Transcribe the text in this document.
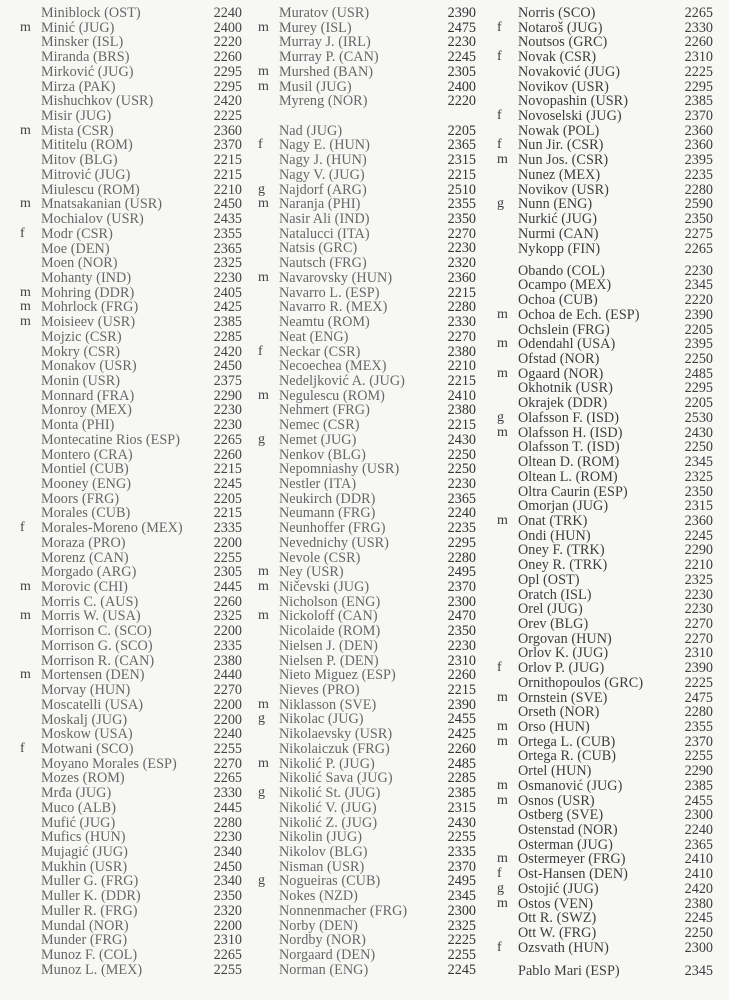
Miniblock (OST)	2240
m Minić (JUG)	2400
Minsker (ISL)	2220
Miranda (BRS)	2260
Mirković (JUG)	2295
Mirza (PAK)	2295
Mishuchkov (USR)	2420
Misir (JUG)	2225
m Mista (CSR)	2360
Mititelu (ROM)	2370
Mitov (BLG)	2215
Mitrović (JUG)	2215
Miulescu (ROM)	2210
m Mnatsakanian (USR)	2450
Mochialov (USR)	2435
f	Modr (CSR)	2355
Moe (DEN)	2365
Moen (NOR)	2325
Mohanty (IND)	2230
m Mohring (DDR)	2405
m Mohrlock (FRG)	2425
m Moisieev (USR)	2385
Mojzic (CSR)	2285
Mokry (CSR)	2420
Monakov (USR)	2450
Monin (USR)	2375
Monnard (FRA)	2290
Monroy (MEX)	2230
Monta (PHI)	2230
Montecatine Rios (ESP) 2265
Montero (CRA)	2260
Montiel (CUB)	2215
Mooney (ENG)	2245
Moors (FRG)	2205
Morales (CUB)	2215
f	Morales-Moreno (MEX) 2335
Moraza (PRO)	2200
Morenz (CAN)	2255
Morgado (ARG)	2305
m Morovic (CHI)	2445
Morris C. (AUS)	2260
m Morris W. (USA)	2325
Morrison C. (SCO)	2200
Morrison G. (SCO)	2335
Morrison R. (CAN)	2380
m Mortensen (DEN)	2440
Morvay (HUN)	2270
Moscatelli (USA)	2200
Moskalj (JUG)	2200
Moskow (USA)	2240
f	Motwani (SCO)	2255
Moyano Morales (ESP)	2270
Mozes (ROM)	2265
Mrđa (JUG)	2330
Muco (ALB)	2445
Mufić (JUG)	2280
Mufics (HUN)	2230
Mujagić (JUG)	2340
Mukhin (USR)	2450
Muller G. (FRG)	2340
Muller K. (DDR)	2350
Muller R. (FRG)	2320
Mundal (NOR)	2200
Munder (FRG)	2310
Munoz F. (COL)	2265
Munoz L. (MEX)	2255
Muratov (USR)	2390
m Murey (ISL)	2475
Murray J. (IRL)	2230
Murray P. (CAN)	2245
m Murshed (BAN)	2305
m Musil (JUG)	2400
Myreng (NOR)	2220
Nad (JUG)	2205
f	Nagy E. (HUN)	2365
Nagy J. (HUN)	2315
Nagy V. (JUG)	2215
g Najdorf (ARG)	2510
m Naranja (PHI)	2355
Nasir Ali (IND)	2350
Natalucci (ITA)	2270
Natsis (GRC)	2230
Nautsch (FRG)	2320
m Navarovsky (HUN)	2360
Navarro L. (ESP)	2215
Navarro R. (MEX)	2280
Neamtu (ROM)	2330
Neat (ENG)	2270
f	Neckar (CSR)	2380
Necoechea (MEX)	2210
Nedeljković A. (JUG)	2215
m Negulescu (ROM)	2410
Nehmert (FRG)	2380
Nemec (CSR)	2215
g Nemet (JUG)	2430
Nenkov (BLG)	2250
Nepomniashy (USR)	2250
Nestler (ITA)	2230
Neukirch (DDR)	2365
Neumann (FRG)	2240
Neunhoffer (FRG)	2235
Nevednichy (USR)	2295
Nevole (CSR)	2280
m Ney (USR)	2495
m Ničevski (JUG)	2370
Nicholson (ENG)	2300
m Nickoloff (CAN)	2470
Nicolaide (ROM)	2350
Nielsen J. (DEN)	2230
Nielsen P. (DEN)	2310
Nieto Miguez (ESP)	2260
Nieves (PRO)	2215
m Niklasson (SVE)	2390
g Nikolac (JUG)	2455
Nikolaevsky (USR)	2425
Nikolaiczuk (FRG)	2260
m Nikolić P. (JUG)	2485
Nikolić Sava (JUG)	2285
g Nikolić St. (JUG)	2385
Nikolić V. (JUG)	2315
Nikolić Z. (JUG)	2430
Nikolin (JUG)	2255
Nikolov (BLG)	2335
Nisman (USR)	2370
g Nogueiras (CUB)	2495
Nokes (NZD)	2345
Nonnenmacher (FRG)	2300
Norby (DEN)	2325
Nordby (NOR)	2225
Norgaard (DEN)	2255
Norman (ENG)	2245
Norris (SCO)	2265
f	Notaroš (JUG)	2330
Noutsos (GRC)	2260
f	Novak (CSR)	2310
Novaković (JUG)	2225
Novikov (USR)	2295
Novopashin (USR)	2385
f	Novoselski (JUG)	2370
Nowak (POL)	2360
f	Nun Jir. (CSR)	2360
m Nun Jos. (CSR)	2395
Nunez (MEX)	2235
Novikov (USR)	2280
g Nunn (ENG)	2590
Nurkić (JUG)	2350
Nurmi (CAN)	2275
Nykopp (FIN)	2265
Obando (COL)	2230
Ocampo (MEX)	2345
Ochoa (CUB)	2220
m Ochoa de Ech. (ESP)	2390
Ochslein (FRG)	2205
m Odendahl (USA)	2395
Ofstad (NOR)	2250
m Ogaard (NOR)	2485
Okhotnik (USR)	2295
Okrajek (DDR)	2205
g Olafsson F. (ISD)	2530
m Olafsson H. (ISD)	2430
Olafsson T. (ISD)	2250
Oltean D. (ROM)	2345
Oltean L. (ROM)	2325
Oltra Caurin (ESP)	2350
Omorjan (JUG)	2315
m Onat (TRK)	2360
Ondi (HUN)	2245
Oney F. (TRK)	2290
Oney R. (TRK)	2210
Opl (OST)	2325
Oratch (ISL)	2230
Orel (JUG)	2230
Orev (BLG)	2270
Orgovan (HUN)	2270
Orlov K. (JUG)	2310
f	Orlov P. (JUG)	2390
Ornithopoulos (GRC)	2225
m Ornstein (SVE)	2475
Orseth (NOR)	2280
m Orso (HUN)	2355
m Ortega L. (CUB)	2370
Ortega R. (CUB)	2255
Ortel (HUN)	2290
m Osmanović (JUG)	2385
m Osnos (USR)	2455
Ostberg (SVE)	2300
Ostenstad (NOR)	2240
Osterman (JUG)	2365
m Ostermeyer (FRG)	2410
f	Ost-Hansen (DEN)	2410
g Ostojić (JUG)	2420
m Ostos (VEN)	2380
Ott R. (SWZ)	2245
Ott W. (FRG)	2250
f	Ozsvath (HUN)	2300
Pablo Mari (ESP)	2345
